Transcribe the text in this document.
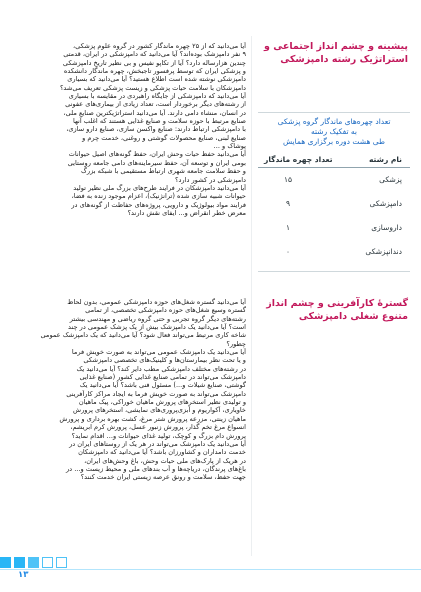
پیشینه و چشم انداز اجتماعی و
استراتژیک رشته دامپزشکی

تعداد چهره‌های ماندگار گروه پزشکی
به تفکیک رشته
طی هشت دوره برگزاری همایش
نام رشته
تعداد چهره ماندگار
پزشکی
۱۵
دامپزشکی
۹
داروسازی
۱
دندانپزشکی
۰

گسترهٔ کارآفرینی و چشم انداز
متنوع شغلی دامپزشکی

آیا می‌دانید که از ۲۵ چهره ماندگار کشور در گروه علوم پزشکی،
۹ نفر دامپزشک بوده‌اند؟ آیا می‌دانید که دامپزشکی در ایران، قدمتی
چندین هزارساله دارد؟ آیا از تکاپو نفیس و بی نظیر تاریخ دامپزشکی
و پزشکی ایران که توسط پرفسور تاجبخش، چهره ماندگار دانشکده
دامپزشکی نوشته شده است اطلاع هستید؟ آیا می‌دانید که بسیاری
دامپزشکان با سلامت حیات پزشکی و زیست پزشکی تعریف می‌شد؟
آیا می‌دانید که دامپزشکی از جایگاه راهبردی در مقایسه با بسیاری
از رشته‌های دیگر برخوردار است، تعداد زیادی از بیماری‌های عفونی
در انسان، منشاء دامی دارند. آیا می‌دانید استراتژیکترین صنایع ملی،
صنایع مرتبط با حوزه سلامت و صنایع غذایی هستند که اغلب آنها
با دامپزشکی ارتباط دارند: صنایع واکسن سازی، صنایع دارو سازی،
صنایع لبنی، صنایع محصولات گوشتی و روغنی، خدمت چرم و
پوشاک و ...
آیا می‌دانید حفظ حیات وحش ایران، حفظ گونه‌های اصیل حیوانات
بومی ایران و توسعه آن، حفظ سیرماینه‌های دامی جامعه روستایی
و حفظ سلامت جامعه شهری ارتباط مستقیمی با شبکه بزرگ
دامپزشکی در کشور دارد؟
آیا می‌دانید دامپزشکان در فرایند طرح‌های بزرگ ملی نظیر تولید
حیوانات شبیه سازی شده (ترانژنیک)، اعزام موجود زنده به فضا،
فرایند مواد بیولوژیک و دارویی، پروژه‌های حفاظت از گونه‌های در
معرض خطر انقراض و... ایفای نقش دارند؟
آیا می‌دانید گستره شغل‌های حوزه دامپزشکی عمومی، بدون لحاظ
گستره وسیع شغل‌های حوزه دامپزشکی تخصصی، از تمامی
رشته‌های دیگر گروه تجربی و حتی گروه ریاضی و مهندسی بیشتر
است؟ آیا می‌دانید یک دامپزشک بیش از یک پزشک عمومی در چند
شاخه کاری مرتبط می‌تواند فعال شود؟ آیا می‌دانید که یک دامپزشک عمومی
چطور؟
آیا می‌دانید یک دامپزشک عمومی می‌تواند به صورت خویش فرما
و یا تحت نظر بیمارستان‌ها و کلینیک‌های تخصصی دامپزشکی
در رشته‌های مختلف دامپزشکی مطب دایر کند؟ آیا می‌دانید یک
دامپزشک می‌تواند در تمامی صنایع غذایی کشور (صنایع غذایی
گوشتی، صنایع شیلات و...) مسئول فنی باشد؟ آیا می‌دانید یک
دامپزشک می‌تواند به صورت خویش فرما به ایجاد مراکز کارآفرینی
و تولیدی نظیر استخرهای پرورش ماهیان خوراکی، پیک ماهیان
خاویاری، آکواریوم و آبزی‌پروری‌های نمایشی، استخرهای پرورش
ماهیان زینتی، مزرعه پرورش شتر مرغ، کشت بهره برداری و پرورش
انسواع مرغ تخم گذار، پرورش زنبور عسل، پرورش کرم ابریشم،
پرورش دام بزرگ و کوچک، تولید غذای حیوانات و... اقدام نماید؟
آیا می‌دانید یک دامپزشک می‌تواند در هر یک از روستاهای ایران در
خدمت دامداران و کشاورزان باشد؟ آیا می‌دانید که دامپزشکان
در هریک از پارک‌های ملی حیات وحش، باغ وحش‌های ایران،
باغ‌های پرندگان، دریاچه‌ها و آب بندهای ملی و محیط زیست و... در
جهت حفظ، سلامت و رونق عرصه زیستی ایران خدمت کنند؟
۱۳
